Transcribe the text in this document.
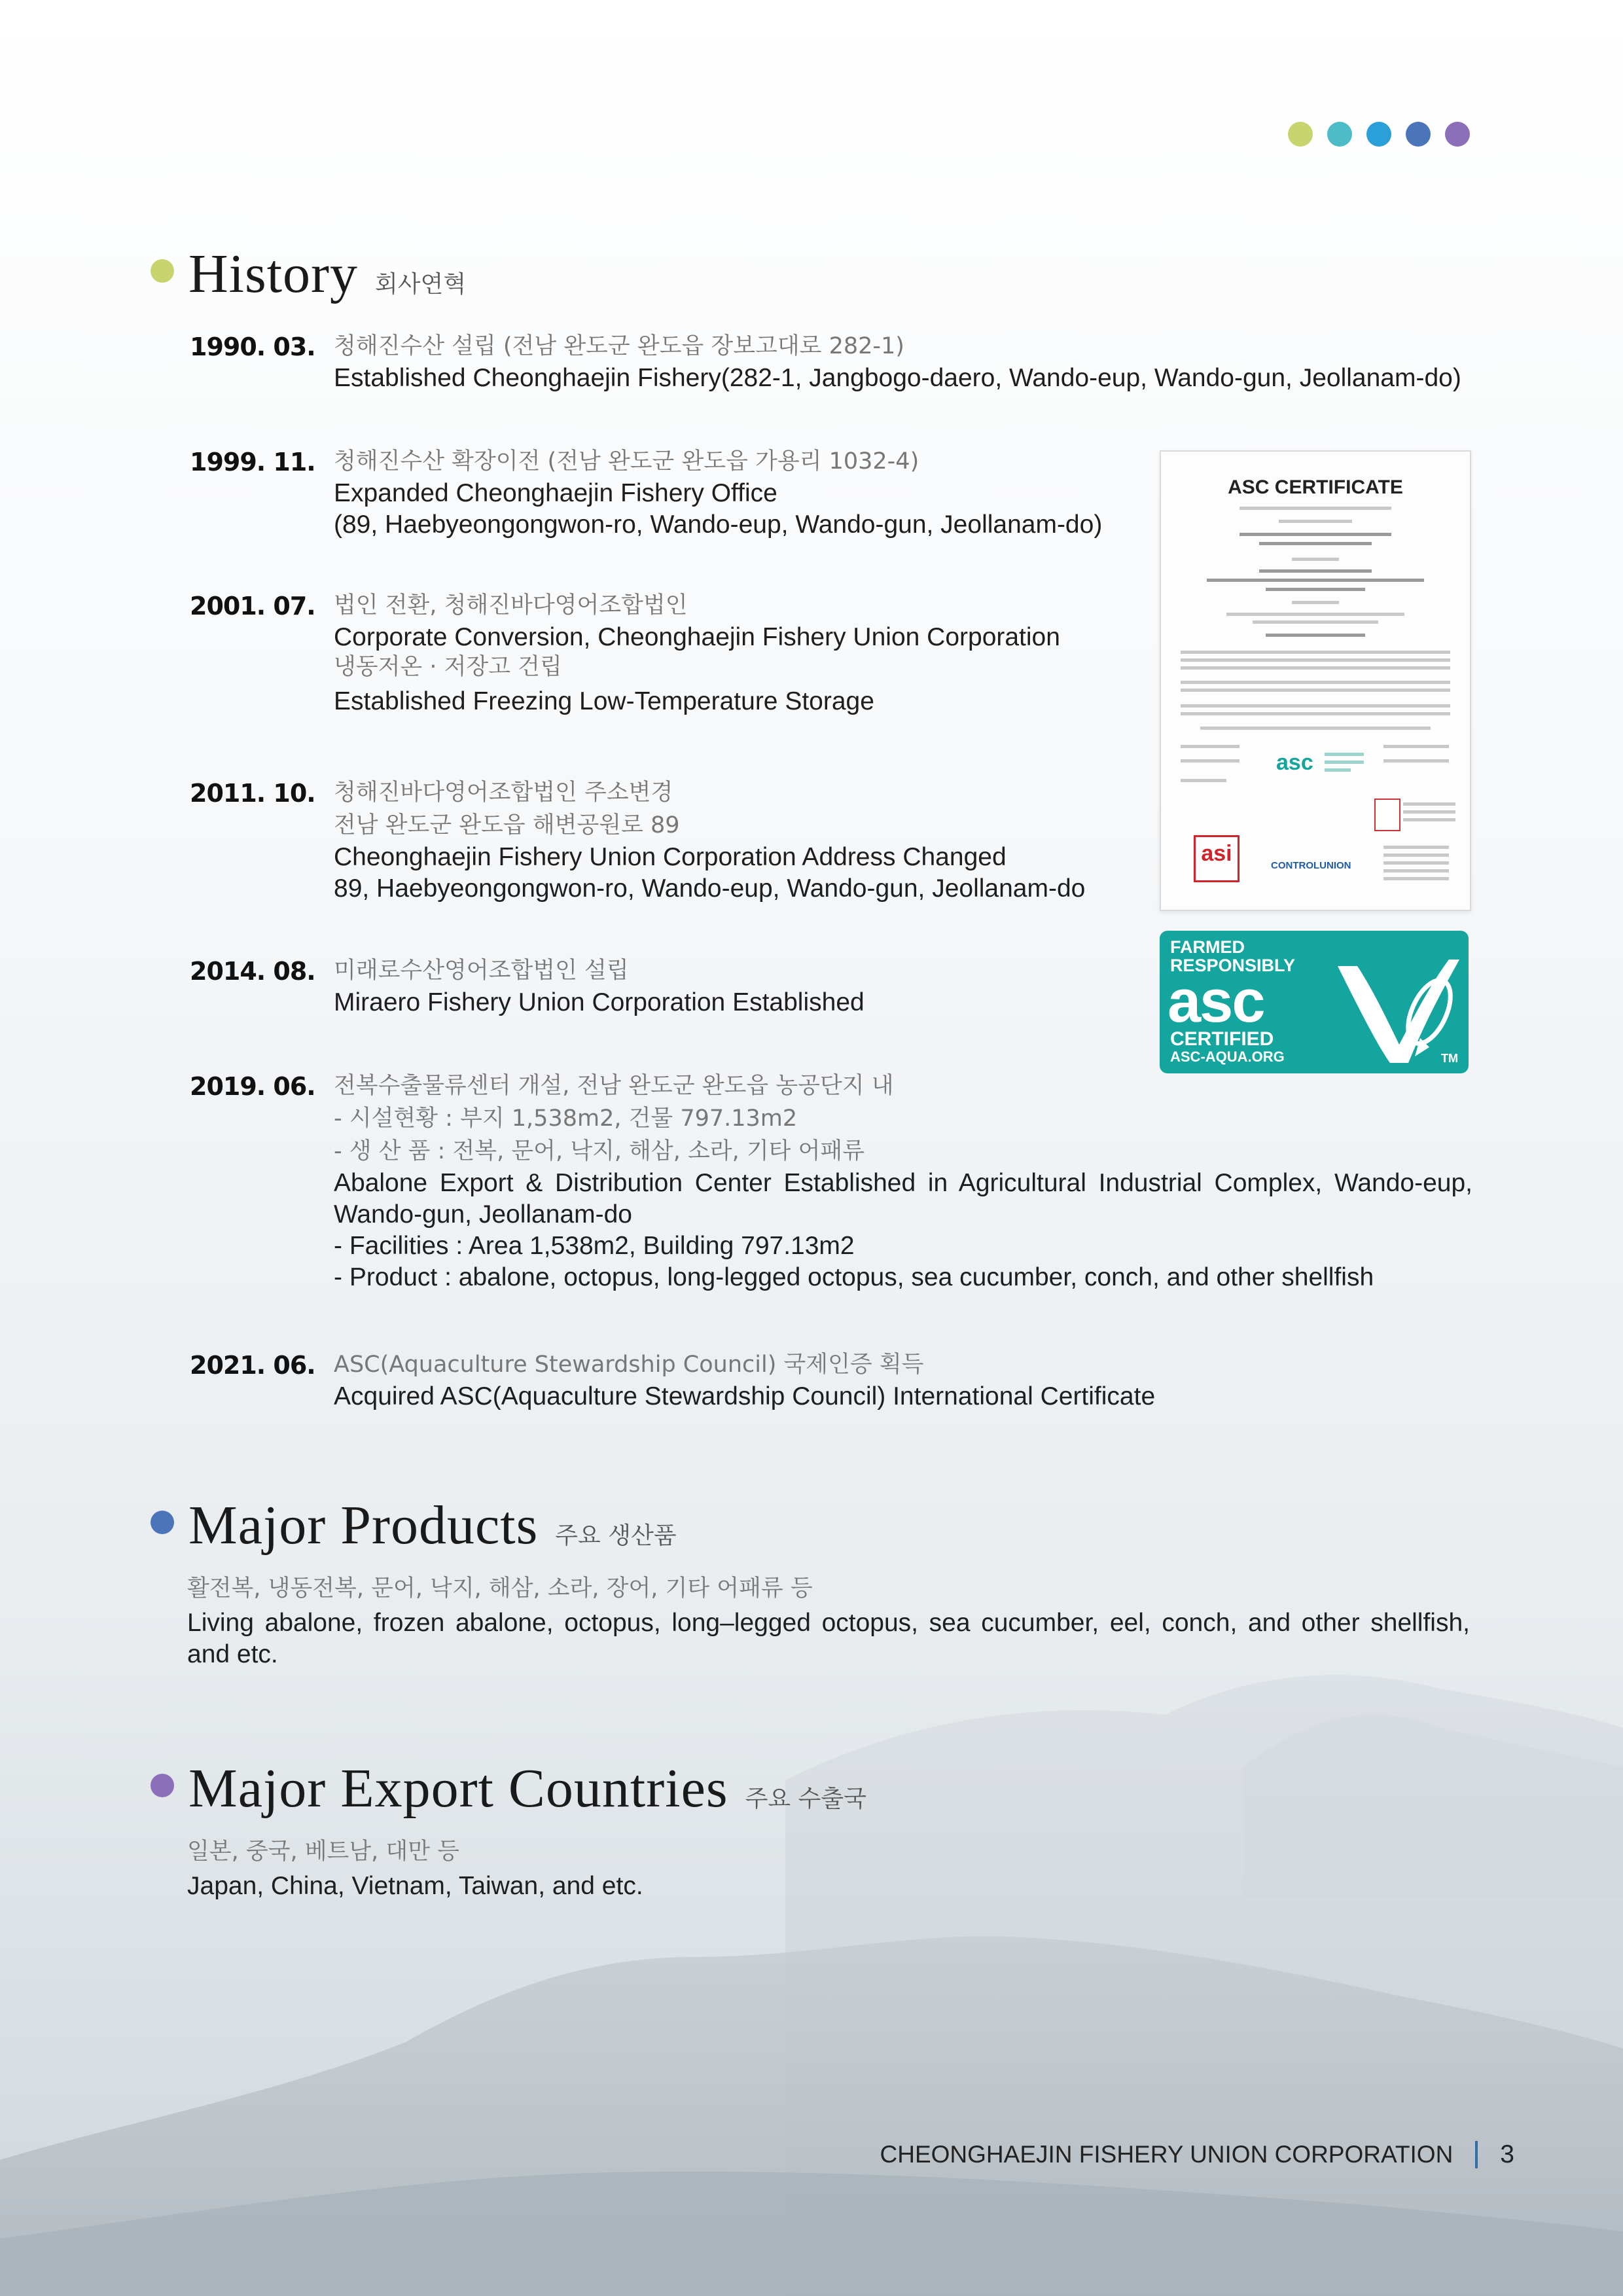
History 회사연혁
1990. 03. 청해진수산 설립 (전남 완도군 완도읍 장보고대로 282-1)
Established Cheonghaejin Fishery(282-1, Jangbogo-daero, Wando-eup, Wando-gun, Jeollanam-do)
1999. 11. 청해진수산 확장이전 (전남 완도군 완도읍 가용리 1032-4)
Expanded Cheonghaejin Fishery Office
(89, Haebyeongongwon-ro, Wando-eup, Wando-gun, Jeollanam-do)
2001. 07. 법인 전환, 청해진바다영어조합법인
Corporate Conversion, Cheonghaejin Fishery Union Corporation
냉동저온 · 저장고 건립
Established Freezing Low-Temperature Storage
2011. 10. 청해진바다영어조합법인 주소변경
전남 완도군 완도읍 해변공원로 89
Cheonghaejin Fishery Union Corporation Address Changed
89, Haebyeongongwon-ro, Wando-eup, Wando-gun, Jeollanam-do
2014. 08. 미래로수산영어조합법인 설립
Miraero Fishery Union Corporation Established
2019. 06. 전복수출물류센터 개설, 전남 완도군 완도읍 농공단지 내
- 시설현황 : 부지 1,538m2, 건물 797.13m2
- 생 산 품 : 전복, 문어, 낙지, 해삼, 소라, 기타 어패류
Abalone Export & Distribution Center Established in Agricultural Industrial Complex, Wando-eup, Wando-gun, Jeollanam-do
- Facilities : Area 1,538m2, Building 797.13m2
- Product : abalone, octopus, long-legged octopus, sea cucumber, conch, and other shellfish
2021. 06. ASC(Aquaculture Stewardship Council) 국제인증 획득
Acquired ASC(Aquaculture Stewardship Council) International Certificate
ASC CERTIFICATE
asc
asi	CONTROLUNION
FARMED
RESPONSIBLY
asc
CERTIFIED
ASC-AQUA.ORG	TM
Major Products 주요 생산품
활전복, 냉동전복, 문어, 낙지, 해삼, 소라, 장어, 기타 어패류 등
Living abalone, frozen abalone, octopus, long–legged octopus, sea cucumber, eel, conch, and other shellfish, and etc.
Major Export Countries 주요 수출국
일본, 중국, 베트남, 대만 등
Japan, China, Vietnam, Taiwan, and etc.
CHEONGHAEJIN FISHERY UNION CORPORATION 3
